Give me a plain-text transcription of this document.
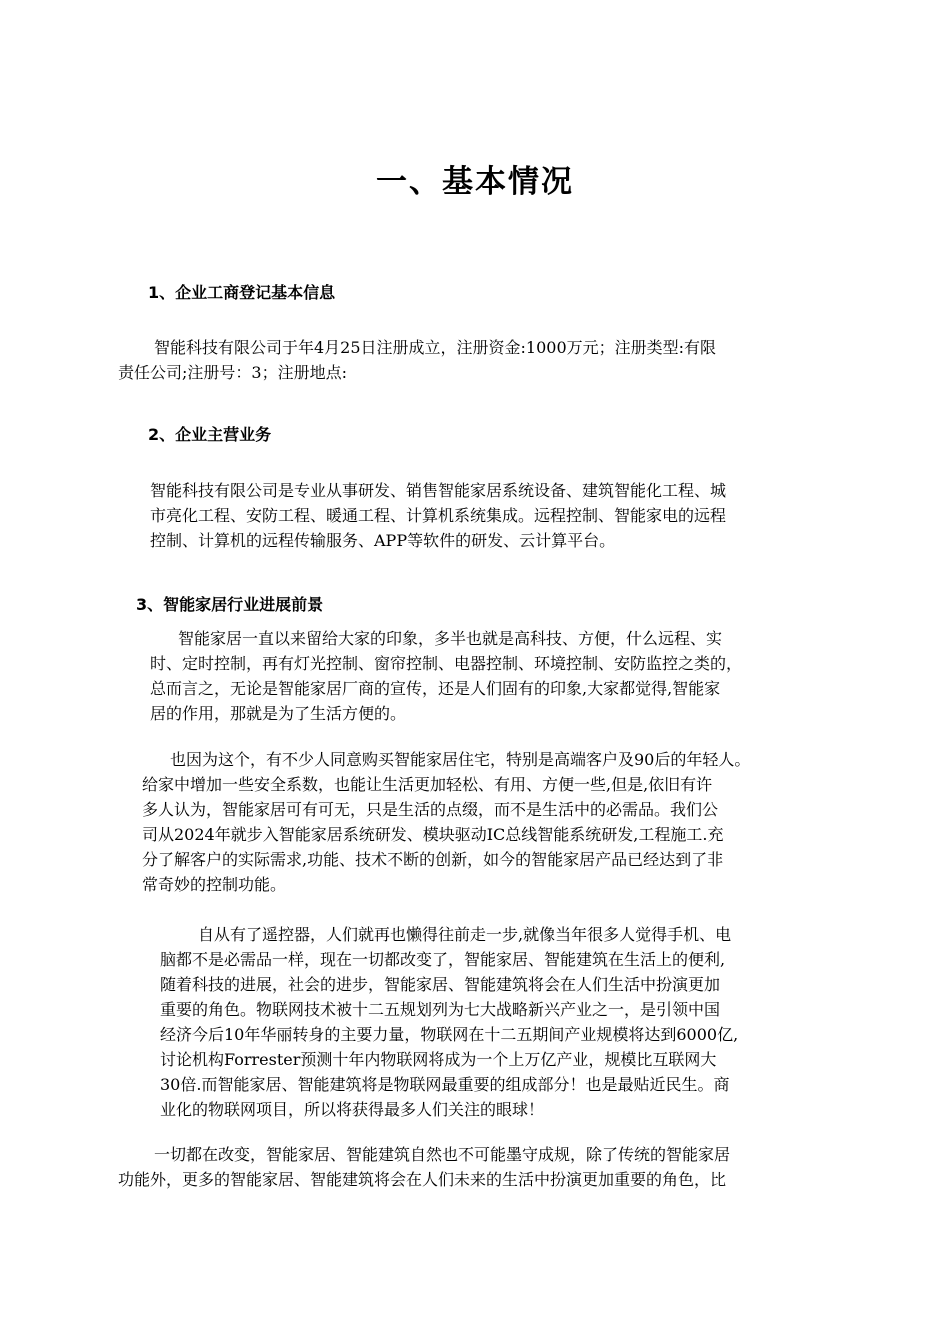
一、基本情况
1、企业工商登记基本信息
智能科技有限公司于年4月25日注册成立，注册资金:1000万元；注册类型:有限
责任公司;注册号：3；注册地点:
2、企业主营业务
智能科技有限公司是专业从事研发、销售智能家居系统设备、建筑智能化工程、城
市亮化工程、安防工程、暖通工程、计算机系统集成。远程控制、智能家电的远程
控制、计算机的远程传输服务、APP等软件的研发、云计算平台。
3、智能家居行业进展前景
智能家居一直以来留给大家的印象，多半也就是高科技、方便，什么远程、实
时、定时控制，再有灯光控制、窗帘控制、电器控制、环境控制、安防监控之类的，
总而言之，无论是智能家居厂商的宣传，还是人们固有的印象,大家都觉得,智能家
居的作用，那就是为了生活方便的。
也因为这个，有不少人同意购买智能家居住宅，特别是高端客户及90后的年轻人。
给家中增加一些安全系数，也能让生活更加轻松、有用、方便一些,但是,依旧有许
多人认为，智能家居可有可无，只是生活的点缀，而不是生活中的必需品。我们公
司从2024年就步入智能家居系统研发、模块驱动IC总线智能系统研发,工程施工.充
分了解客户的实际需求,功能、技术不断的创新，如今的智能家居产品已经达到了非
常奇妙的控制功能。
自从有了遥控器，人们就再也懒得往前走一步,就像当年很多人觉得手机、电
脑都不是必需品一样，现在一切都改变了，智能家居、智能建筑在生活上的便利,
随着科技的进展，社会的进步，智能家居、智能建筑将会在人们生活中扮演更加
重要的角色。物联网技术被十二五规划列为七大战略新兴产业之一，是引领中国
经济今后10年华丽转身的主要力量，物联网在十二五期间产业规模将达到6000亿,
讨论机构Forrester预测十年内物联网将成为一个上万亿产业，规模比互联网大
30倍.而智能家居、智能建筑将是物联网最重要的组成部分！也是最贴近民生。商
业化的物联网项目，所以将获得最多人们关注的眼球！
一切都在改变，智能家居、智能建筑自然也不可能墨守成规，除了传统的智能家居
功能外，更多的智能家居、智能建筑将会在人们未来的生活中扮演更加重要的角色，比
